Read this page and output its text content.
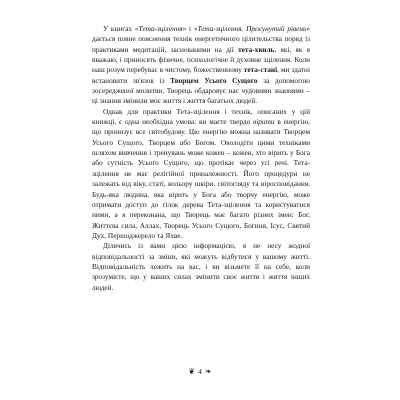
У книгах «Тета-зцілення» і «Тета-зцілення. Просунутий рівень» дається повне пояснення технік енергетичного цілительства поряд із практиками медитацій, заснованими на дії тета-хвиль, які, як я вважаю, і приносять фізичне, психологічне й духовне зцілення. Коли наш розум перебуває в чистому, божественному тета-стані, ми здатні встановити зв'язок із Творцем Усього Сущого за допомогою зосередженої молитви. Творець обдаровує нас чудовими знаннями – ці знання змінили моє життя і життя багатьох людей.

Однак для практики Тета-зцілення і технік, описаних у цій книжці, є одна необхідна умова: ви маєте твердо вірити в енергію, що пронизує все світобудову. Цю енергію можна називати Творцем Усього Сущого, Творцем або Богом. Оволодіти цими техніками шляхом вивчення і тренувань може кожен – кожен, хто вірить у Бога або сутність Усього Сущого, що протікає через усі речі. Тета-зцілення не має релігійної приналежності. Його процедури не залежать від віку, статі, кольору шкіри, світогляду та віросповідання. Будь-яка людина, яка вірить у Бога або творчу енергію, може отримати доступ до гілок дерева Тета-зцілення та користуватися ними, а я переконана, що Творець має багато різних імен: Бог, Життєва сила, Аллах, Творець Усього Сущого, Богиня, Ісус, Святий Дух, Першоджерело та Яхве.

Ділячись із вами цією інформацією, я не несу жодної відповідальності за зміни, які можуть відбутися у вашому житті. Відповідальність лежить на вас, і ви візьмете її на себе, коли зрозумієте, що у ваших силах змінити своє життя і життя інших людей.

❦ 4 ❧
